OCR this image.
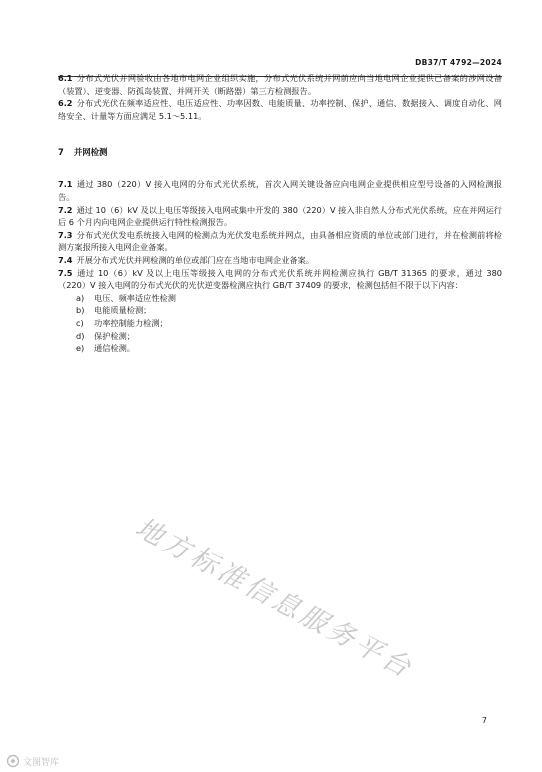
DB37/T 4792—2024

6.1 分布式光伏并网验收由各地市电网企业组织实施，分布式光伏系统并网前应向当地电网企业提供已备案的涉网设备（装置）、逆变器、防孤岛装置、并网开关（断路器）第三方检测报告。

6.2 分布式光伏在频率适应性、电压适应性、功率因数、电能质量、功率控制、保护、通信、数据接入、调度自动化、网络安全、计量等方面应满足 5.1～5.11。

7 并网检测

7.1 通过 380（220）V 接入电网的分布式光伏系统，首次入网关键设备应向电网企业提供相应型号设备的入网检测报告。

7.2 通过 10（6）kV 及以上电压等级接入电网或集中开发的 380（220）V 接入非自然人分布式光伏系统，应在并网运行后 6 个月内向电网企业提供运行特性检测报告。

7.3 分布式光伏发电系统接入电网的检测点为光伏发电系统并网点，由具备相应资质的单位或部门进行，并在检测前将检测方案报所接入电网企业备案。

7.4 开展分布式光伏并网检测的单位或部门应在当地市电网企业备案。

7.5 通过 10（6）kV 及以上电压等级接入电网的分布式光伏系统并网检测应执行 GB/T 31365 的要求，通过 380（220）V 接入电网的分布式光伏的光伏逆变器检测应执行 GB/T 37409 的要求，检测包括但不限于以下内容：

a) 电压、频率适应性检测
b) 电能质量检测；
c) 功率控制能力检测；
d) 保护检测；
e) 通信检测。
地方标准信息服务平台
7
文图智库
